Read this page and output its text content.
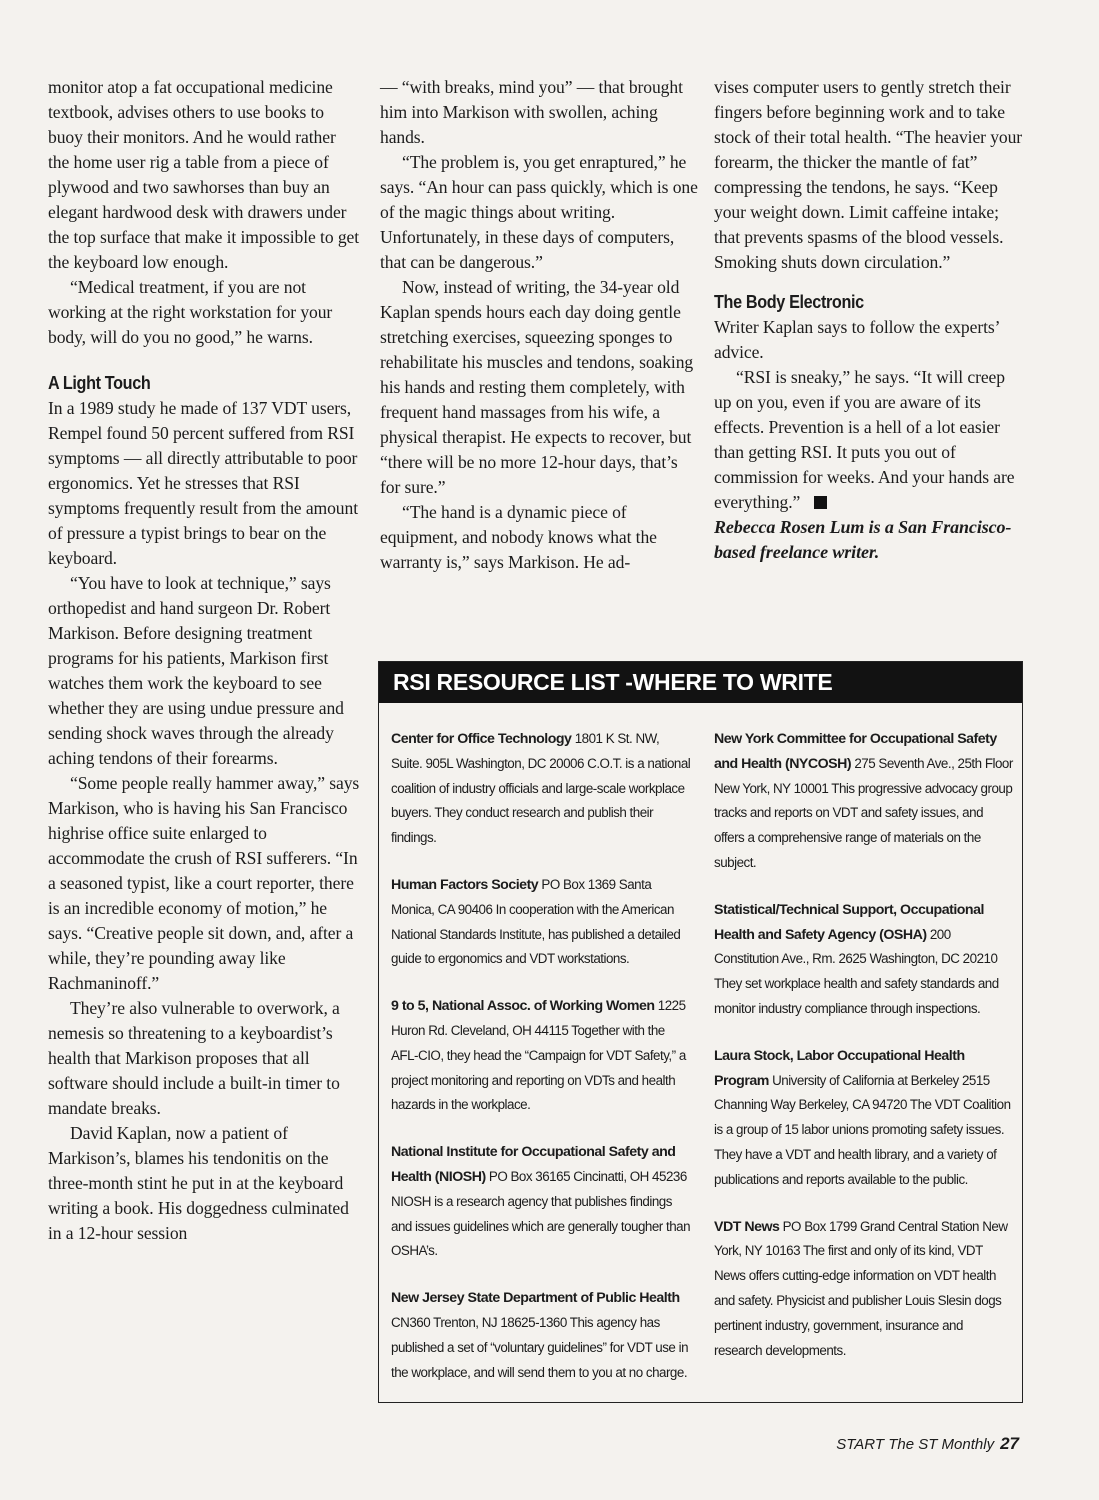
monitor atop a fat occupational medicine textbook, advises others to use books to buoy their monitors. And he would rather the home user rig a table from a piece of plywood and two sawhorses than buy an elegant hardwood desk with drawers under the top surface that make it impossible to get the keyboard low enough.

“Medical treatment, if you are not working at the right workstation for your body, will do you no good,” he warns.

A Light Touch

In a 1989 study he made of 137 VDT users, Rempel found 50 percent suffered from RSI symptoms — all directly attributable to poor ergonomics. Yet he stresses that RSI symptoms frequently result from the amount of pressure a typist brings to bear on the keyboard.

“You have to look at technique,” says orthopedist and hand surgeon Dr. Robert Markison. Before designing treatment programs for his patients, Markison first watches them work the keyboard to see whether they are using undue pressure and sending shock waves through the already aching tendons of their forearms.

“Some people really hammer away,” says Markison, who is having his San Francisco highrise office suite enlarged to accommodate the crush of RSI sufferers. “In a seasoned typist, like a court reporter, there is an incredible economy of motion,” he says. “Creative people sit down, and, after a while, they’re pounding away like Rachmaninoff.”

They’re also vulnerable to overwork, a nemesis so threatening to a keyboardist’s health that Markison proposes that all software should include a built-in timer to mandate breaks.

David Kaplan, now a patient of Markison’s, blames his tendonitis on the three-month stint he put in at the keyboard writing a book. His doggedness culminated in a 12-hour session

— “with breaks, mind you” — that brought him into Markison with swollen, aching hands.

“The problem is, you get enraptured,” he says. “An hour can pass quickly, which is one of the magic things about writing. Unfortunately, in these days of computers, that can be dangerous.”

Now, instead of writing, the 34-year old Kaplan spends hours each day doing gentle stretching exercises, squeezing sponges to rehabilitate his muscles and tendons, soaking his hands and resting them completely, with frequent hand massages from his wife, a physical therapist. He expects to recover, but “there will be no more 12-hour days, that’s for sure.”

“The hand is a dynamic piece of equipment, and nobody knows what the warranty is,” says Markison. He ad-

vises computer users to gently stretch their fingers before beginning work and to take stock of their total health. “The heavier your forearm, the thicker the mantle of fat” compressing the tendons, he says. “Keep your weight down. Limit caffeine intake; that prevents spasms of the blood vessels. Smoking shuts down circulation.”

The Body Electronic

Writer Kaplan says to follow the experts’ advice.

“RSI is sneaky,” he says. “It will creep up on you, even if you are aware of its effects. Prevention is a hell of a lot easier than getting RSI. It puts you out of commission for weeks. And your hands are everything.”

Rebecca Rosen Lum is a San Francisco-based freelance writer.

RSI RESOURCE LIST -WHERE TO WRITE

Center for Office Technology 1801 K St. NW, Suite. 905L Washington, DC 20006 C.O.T. is a national coalition of industry officials and large-scale workplace buyers. They conduct research and publish their findings.

Human Factors Society PO Box 1369 Santa Monica, CA 90406 In cooperation with the American National Standards Institute, has published a detailed guide to ergonomics and VDT workstations.

9 to 5, National Assoc. of Working Women 1225 Huron Rd. Cleveland, OH 44115 Together with the AFL-CIO, they head the “Campaign for VDT Safety,” a project monitoring and reporting on VDTs and health hazards in the workplace.

National Institute for Occupational Safety and Health (NIOSH) PO Box 36165 Cincinatti, OH 45236 NIOSH is a research agency that publishes findings and issues guidelines which are generally tougher than OSHA’s.

New Jersey State Department of Public Health CN360 Trenton, NJ 18625-1360 This agency has published a set of “voluntary guidelines” for VDT use in the workplace, and will send them to you at no charge.

New York Committee for Occupational Safety and Health (NYCOSH) 275 Seventh Ave., 25th Floor New York, NY 10001 This progressive advocacy group tracks and reports on VDT and safety issues, and offers a comprehensive range of materials on the subject.

Statistical/Technical Support, Occupational Health and Safety Agency (OSHA) 200 Constitution Ave., Rm. 2625 Washington, DC 20210 They set workplace health and safety standards and monitor industry compliance through inspections.

Laura Stock, Labor Occupational Health Program University of California at Berkeley 2515 Channing Way Berkeley, CA 94720 The VDT Coalition is a group of 15 labor unions promoting safety issues. They have a VDT and health library, and a variety of publications and reports available to the public.

VDT News PO Box 1799 Grand Central Station New York, NY 10163 The first and only of its kind, VDT News offers cutting-edge information on VDT health and safety. Physicist and publisher Louis Slesin dogs pertinent industry, government, insurance and research developments.

START The ST Monthly 27
